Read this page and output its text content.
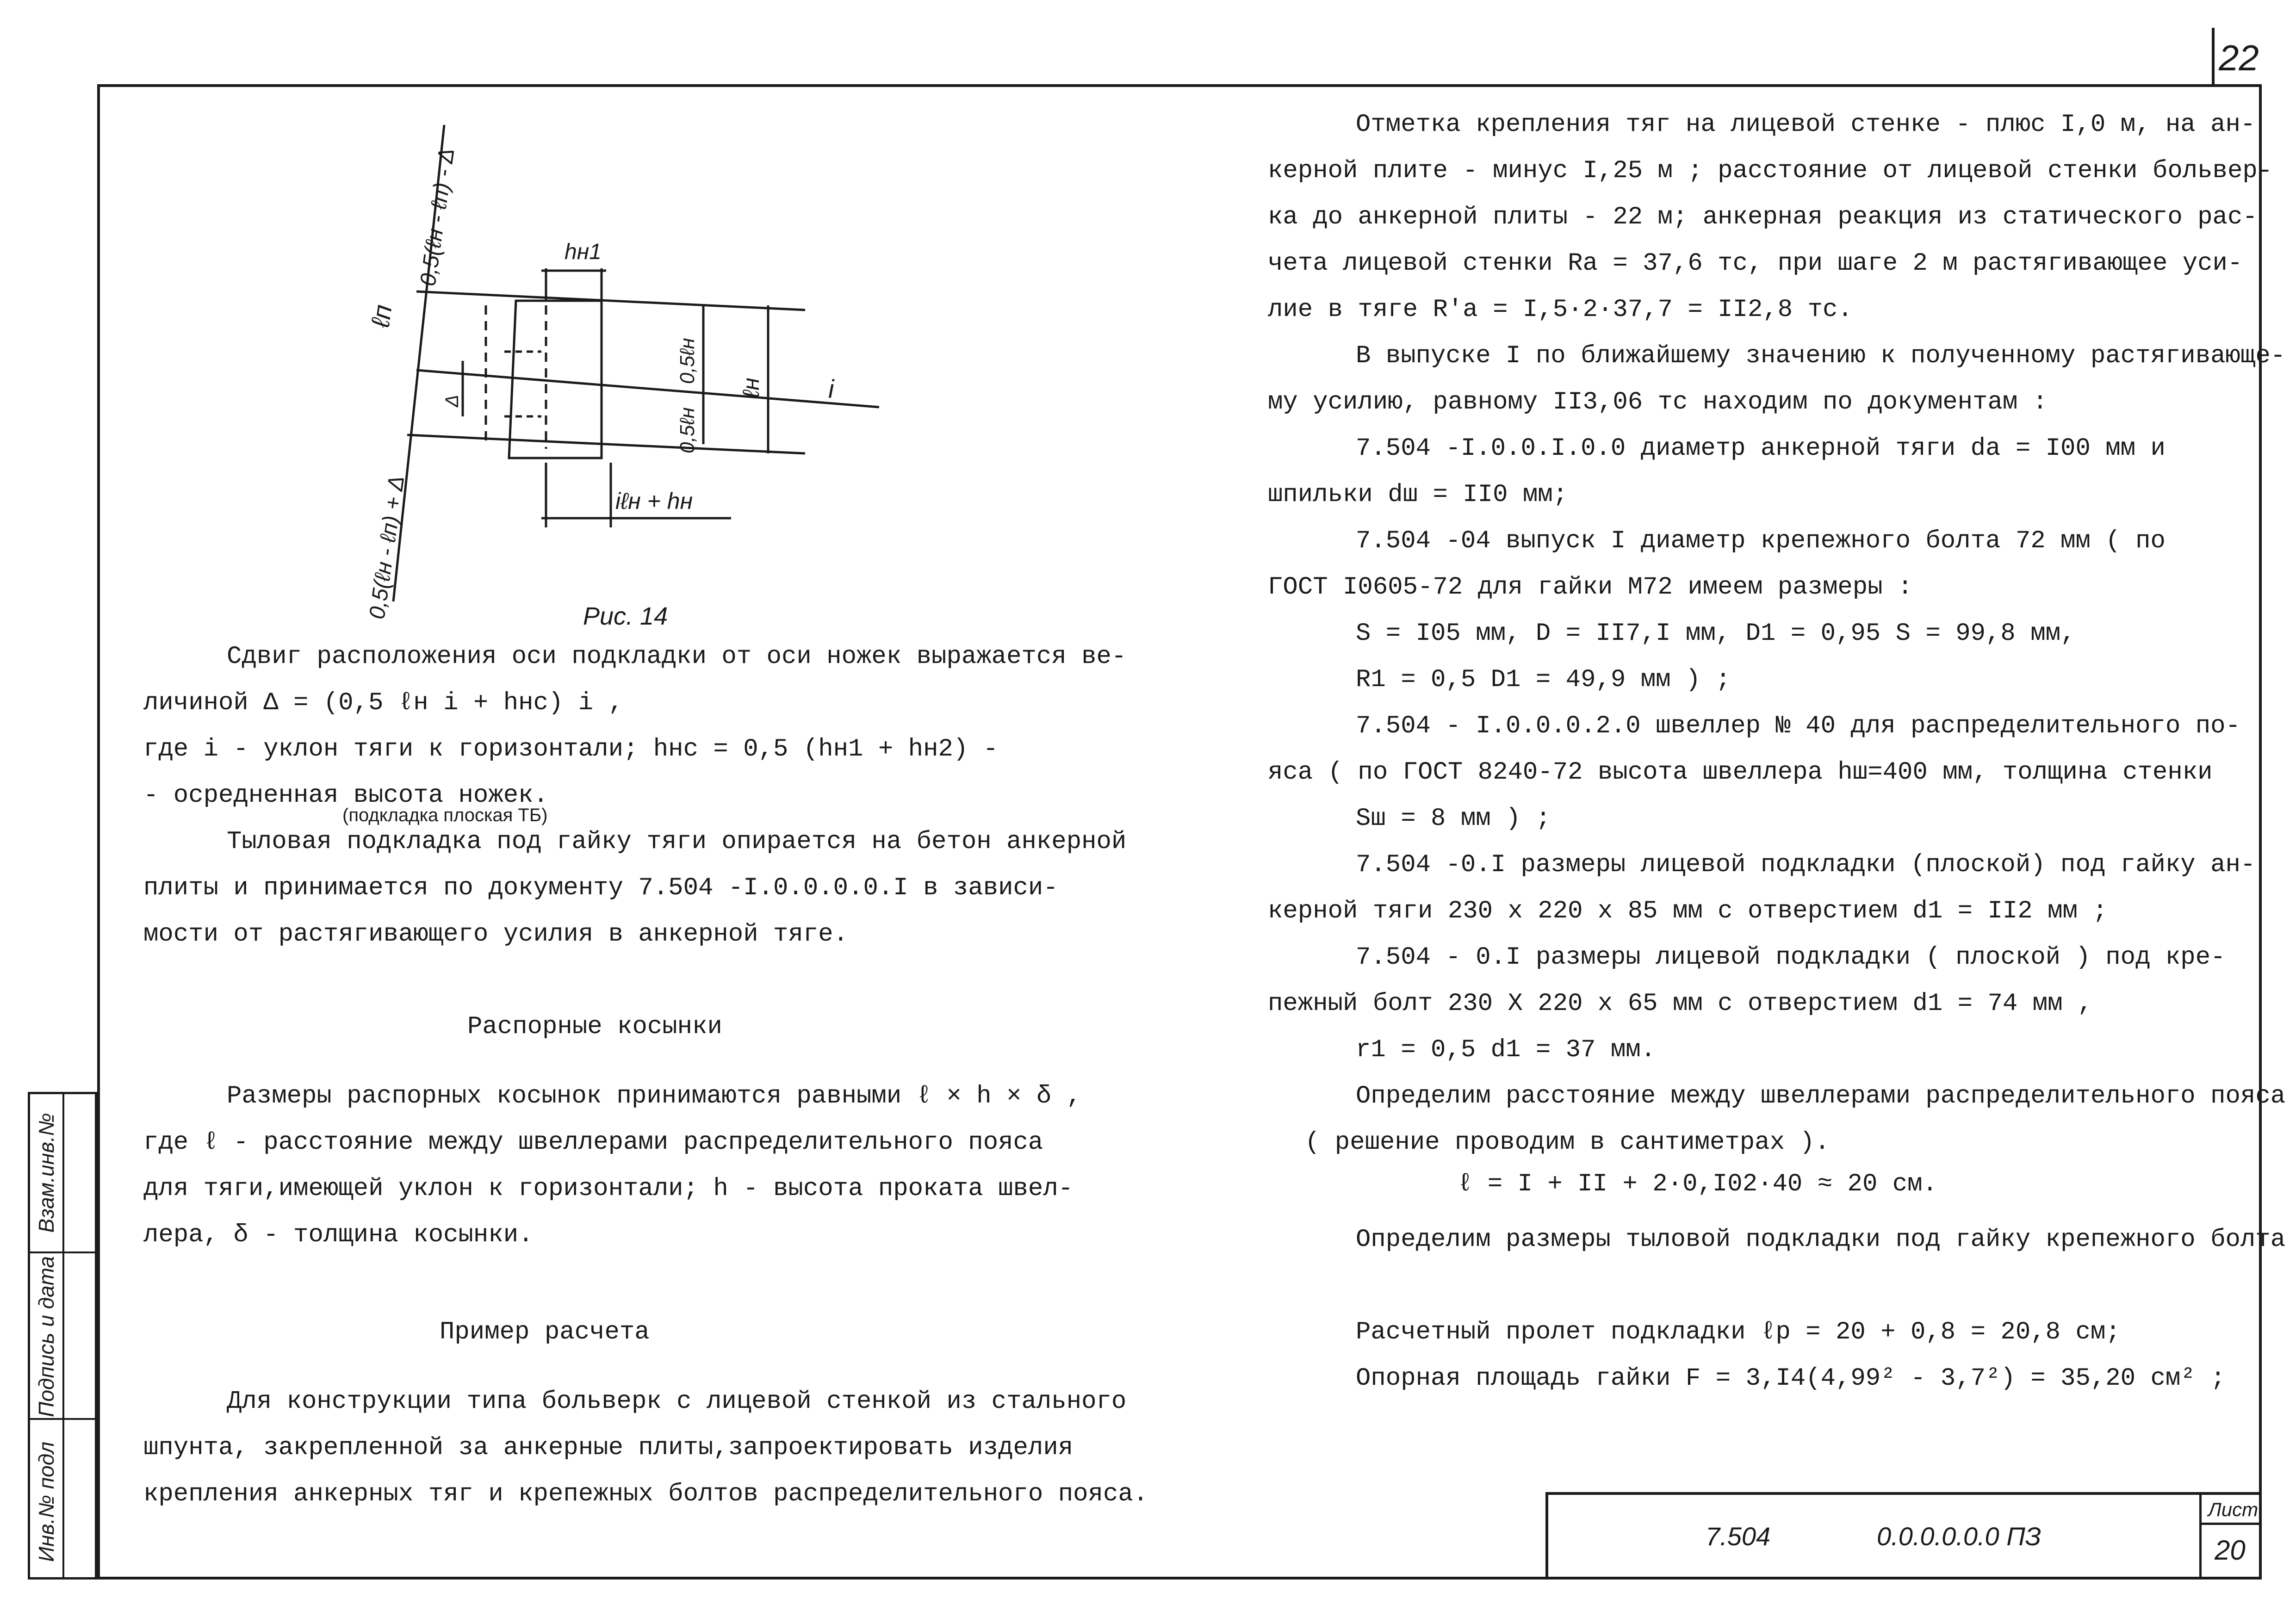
22
Взам.инв.№
Подпись и дата
Инв.№ подл
ℓп
0,5(ℓн - ℓп) - Δ
0,5(ℓн - ℓп) + Δ
hн1
0,5ℓн
0,5ℓн
ℓн i
Δ
iℓн + hн
Рис. 14
Сдвиг расположения оси подкладки от оси ножек выражается ве-
личиной Δ = (0,5 ℓн i + hнс) i ,
где i - уклон тяги к горизонтали; hнс = 0,5 (hн1 + hн2) -
- осредненная высота ножек.
(подкладка плоская ТБ)
Тыловая подкладка под гайку тяги опирается на бетон анкерной
плиты и принимается по документу 7.504 -I.0.0.0.0.I в зависи-
мости от растягивающего усилия в анкерной тяге.
Распорные косынки
Размеры распорных косынок принимаются равными ℓ × h × δ ,
где ℓ - расстояние между швеллерами распределительного пояса
для тяги,имеющей уклон к горизонтали; h - высота проката швел-
лера, δ - толщина косынки.
Пример расчета
Для конструкции типа больверк с лицевой стенкой из стального
шпунта, закрепленной за анкерные плиты,запроектировать изделия
крепления анкерных тяг и крепежных болтов распределительного пояса.
Отметка крепления тяг на лицевой стенке - плюс I,0 м, на ан-
керной плите - минус I,25 м ; расстояние от лицевой стенки больвер-
ка до анкерной плиты - 22 м; анкерная реакция из статического рас-
чета лицевой стенки Rа = 37,6 тс, при шаге 2 м растягивающее уси-
лие в тяге R'а = I,5·2·37,7 = II2,8 тс.
В выпуске I по ближайшему значению к полученному растягивающе-
му усилию, равному II3,06 тс находим по документам :
7.504 -I.0.0.I.0.0 диаметр анкерной тяги dа = I00 мм и
шпильки dш = II0 мм;
7.504 -04 выпуск I диаметр крепежного болта 72 мм ( по
ГОСТ I0605-72 для гайки М72 имеем размеры :
S = I05 мм, D = II7,I мм, D1 = 0,95 S = 99,8 мм,
R1 = 0,5 D1 = 49,9 мм ) ;
7.504 - I.0.0.0.2.0 швеллер № 40 для распределительного по-
яса ( по ГОСТ 8240-72 высота швеллера hш=400 мм, толщина стенки
Sш = 8 мм ) ;
7.504 -0.I размеры лицевой подкладки (плоской) под гайку ан-
керной тяги 230 x 220 x 85 мм с отверстием d1 = II2 мм ;
7.504 - 0.I размеры лицевой подкладки ( плоской ) под кре-
пежный болт 230 X 220 x 65 мм с отверстием d1 = 74 мм ,
r1 = 0,5 d1 = 37 мм.
Определим расстояние между швеллерами распределительного пояса
( решение проводим в сантиметрах ).
ℓ = I + II + 2·0,I02·40 ≈ 20 см.
Определим размеры тыловой подкладки под гайку крепежного болта
Расчетный пролет подкладки ℓр = 20 + 0,8 = 20,8 см;
Опорная площадь гайки F = 3,I4(4,99² - 3,7²) = 35,20 см² ;
7.504	0.0.0.0.0.0 ПЗ
Лист
20
